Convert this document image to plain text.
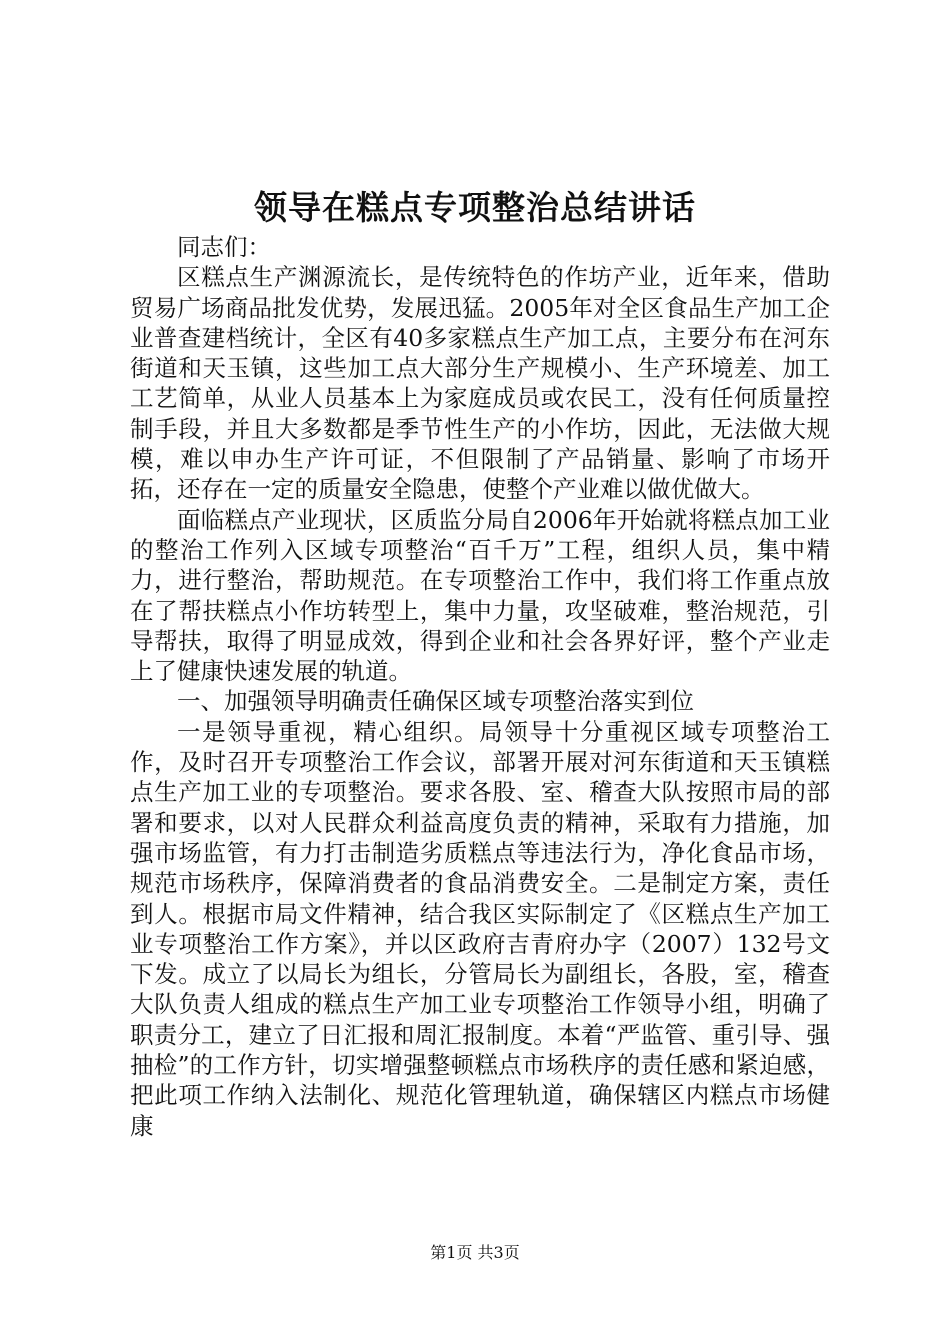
领导在糕点专项整治总结讲话

同志们：

区糕点生产渊源流长，是传统特色的作坊产业，近年来，借助贸易广场商品批发优势，发展迅猛。2005年对全区食品生产加工企业普查建档统计，全区有40多家糕点生产加工点，主要分布在河东街道和天玉镇，这些加工点大部分生产规模小、生产环境差、加工工艺简单，从业人员基本上为家庭成员或农民工，没有任何质量控制手段，并且大多数都是季节性生产的小作坊，因此，无法做大规模，难以申办生产许可证，不但限制了产品销量、影响了市场开拓，还存在一定的质量安全隐患，使整个产业难以做优做大。

面临糕点产业现状，区质监分局自2006年开始就将糕点加工业的整治工作列入区域专项整治“百千万”工程，组织人员，集中精力，进行整治，帮助规范。在专项整治工作中，我们将工作重点放在了帮扶糕点小作坊转型上，集中力量，攻坚破难，整治规范，引导帮扶，取得了明显成效，得到企业和社会各界好评，整个产业走上了健康快速发展的轨道。

一、加强领导明确责任确保区域专项整治落实到位

一是领导重视，精心组织。局领导十分重视区域专项整治工作，及时召开专项整治工作会议，部署开展对河东街道和天玉镇糕点生产加工业的专项整治。要求各股、室、稽查大队按照市局的部署和要求，以对人民群众利益高度负责的精神，采取有力措施，加强市场监管，有力打击制造劣质糕点等违法行为，净化食品市场，规范市场秩序，保障消费者的食品消费安全。二是制定方案，责任到人。根据市局文件精神，结合我区实际制定了《区糕点生产加工业专项整治工作方案》，并以区政府吉青府办字（2007）132号文下发。成立了以局长为组长，分管局长为副组长，各股，室，稽查大队负责人组成的糕点生产加工业专项整治工作领导小组，明确了职责分工，建立了日汇报和周汇报制度。本着“严监管、重引导、强抽检”的工作方针，切实增强整顿糕点市场秩序的责任感和紧迫感，把此项工作纳入法制化、规范化管理轨道，确保辖区内糕点市场健康

第1页 共3页
